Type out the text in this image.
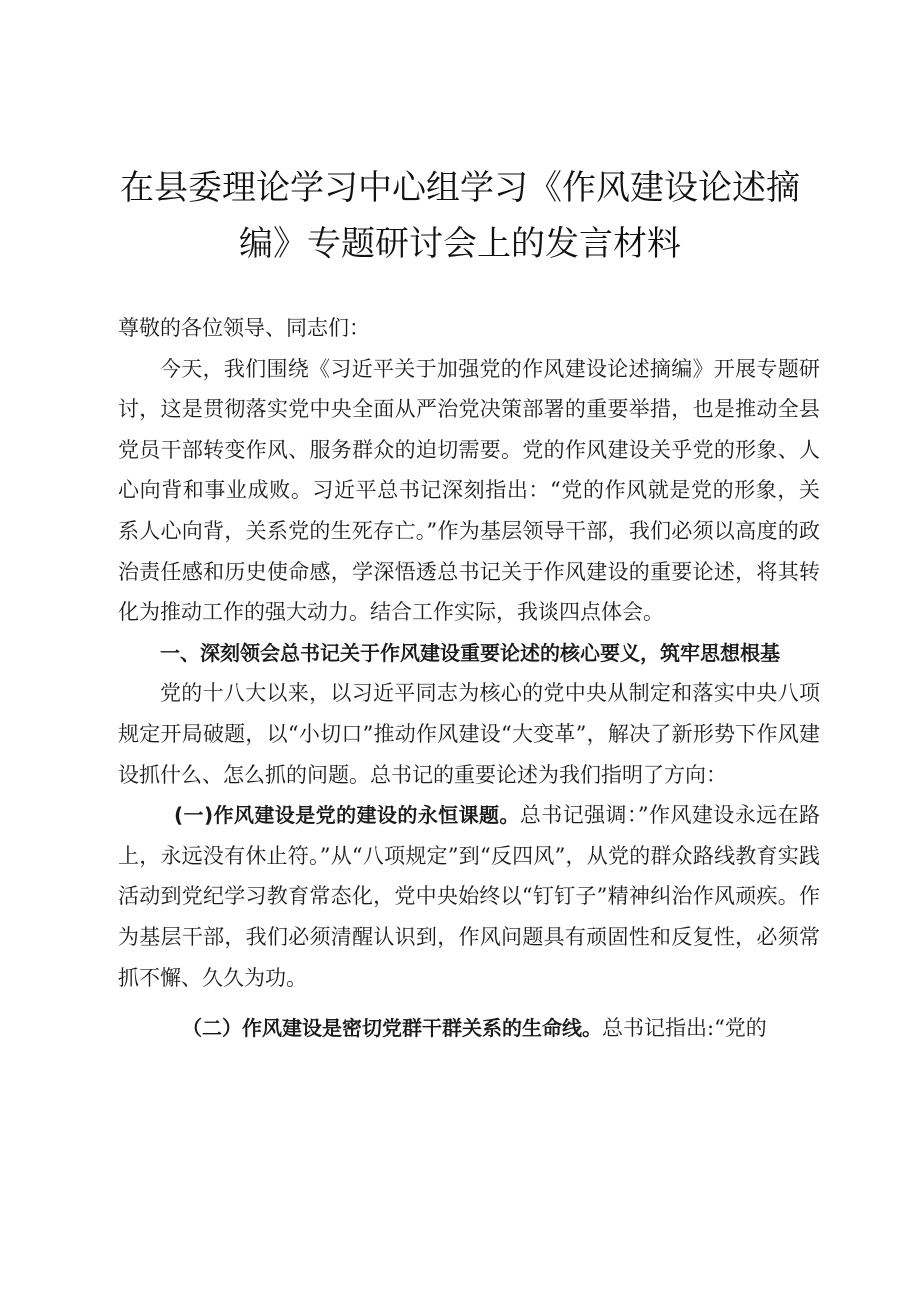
在县委理论学习中心组学习《作风建设论述摘编》专题研讨会上的发言材料

尊敬的各位领导、同志们：

今天，我们围绕《习近平关于加强党的作风建设论述摘编》开展专题研讨，这是贯彻落实党中央全面从严治党决策部署的重要举措，也是推动全县党员干部转变作风、服务群众的迫切需要。党的作风建设关乎党的形象、人心向背和事业成败。习近平总书记深刻指出：“党的作风就是党的形象，关系人心向背，关系党的生死存亡。”作为基层领导干部，我们必须以高度的政治责任感和历史使命感，学深悟透总书记关于作风建设的重要论述，将其转化为推动工作的强大动力。结合工作实际，我谈四点体会。

一、深刻领会总书记关于作风建设重要论述的核心要义，筑牢思想根基

党的十八大以来，以习近平同志为核心的党中央从制定和落实中央八项规定开局破题，以“小切口”推动作风建设“大变革”，解决了新形势下作风建设抓什么、怎么抓的问题。总书记的重要论述为我们指明了方向：

(一)作风建设是党的建设的永恒课题。总书记强调：”作风建设永远在路上，永远没有休止符。”从“八项规定”到“反四风”，从党的群众路线教育实践活动到党纪学习教育常态化，党中央始终以“钉钉子”精神纠治作风顽疾。作为基层干部，我们必须清醒认识到，作风问题具有顽固性和反复性，必须常抓不懈、久久为功。

（二）作风建设是密切党群干群关系的生命线。总书记指出:“党的
